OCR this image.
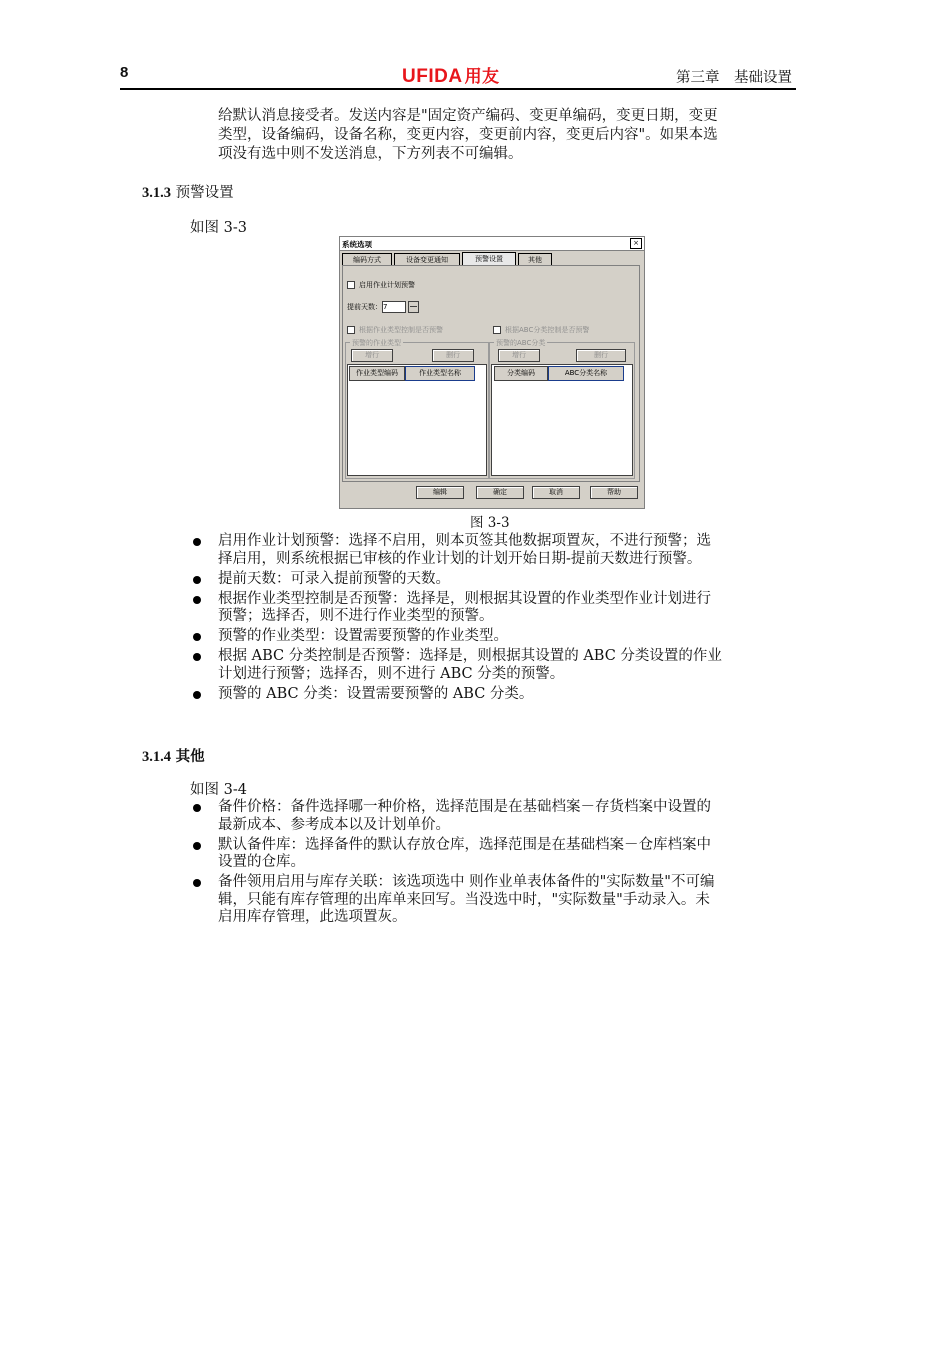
8	UFIDA 用友	第三章　基础设置
给默认消息接受者。发送内容是"固定资产编码、变更单编码，变更日期，变更
类型，设备编码，设备名称，变更内容，变更前内容，变更后内容"。如果本选
项没有选中则不发送消息，下方列表不可编辑。
3.1.3 预警设置
如图 3-3
系统选项	×
编码方式	设备变更通知	预警设置	其他
启用作业计划预警
提前天数：7
根据作业类型控制是否预警	根据ABC分类控制是否预警
预警的作业类型
增行	删行
作业类型编码	作业类型名称
预警的ABC分类
增行	删行
分类编码	ABC分类名称
编辑	确定	取消	帮助
图 3-3
启用作业计划预警：选择不启用，则本页签其他数据项置灰，不进行预警；选
择启用，则系统根据已审核的作业计划的计划开始日期-提前天数进行预警。
提前天数：可录入提前预警的天数。
根据作业类型控制是否预警：选择是，则根据其设置的作业类型作业计划进行
预警；选择否，则不进行作业类型的预警。
预警的作业类型：设置需要预警的作业类型。
根据 ABC 分类控制是否预警：选择是，则根据其设置的 ABC 分类设置的作业
计划进行预警；选择否，则不进行 ABC 分类的预警。
预警的 ABC 分类：设置需要预警的 ABC 分类。
3.1.4 其他
如图 3-4
备件价格：备件选择哪一种价格，选择范围是在基础档案－存货档案中设置的
最新成本、参考成本以及计划单价。
默认备件库：选择备件的默认存放仓库，选择范围是在基础档案－仓库档案中
设置的仓库。
备件领用启用与库存关联：该选项选中 则作业单表体备件的"实际数量"不可编
辑，只能有库存管理的出库单来回写。当没选中时，"实际数量"手动录入。未
启用库存管理，此选项置灰。
